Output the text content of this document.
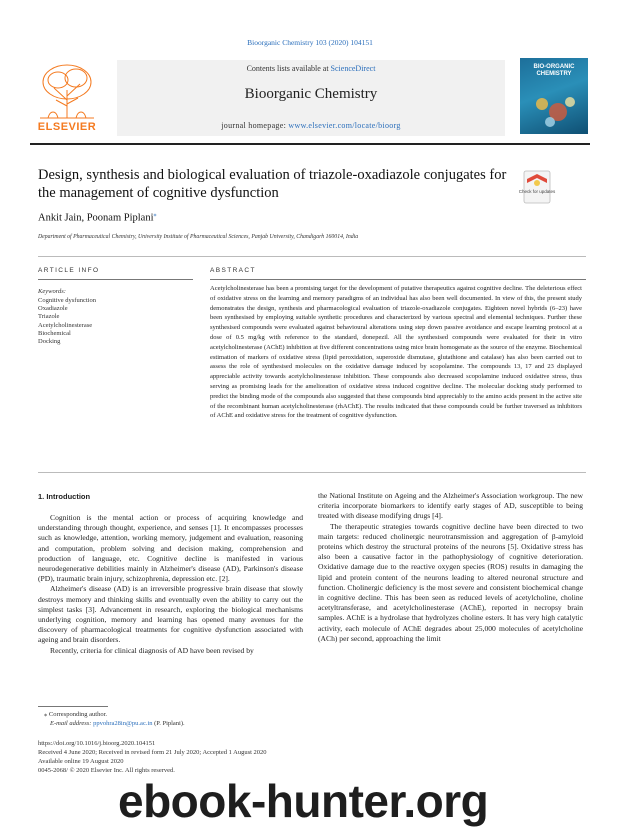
Bioorganic Chemistry 103 (2020) 104151
ELSEVIER
Contents lists available at ScienceDirect
Bioorganic Chemistry
journal homepage: www.elsevier.com/locate/bioorg
BIO-ORGANIC CHEMISTRY
Design, synthesis and biological evaluation of triazole-oxadiazole conjugates for the management of cognitive dysfunction	Check for updates
Ankit Jain, Poonam Piplani⁎
Department of Pharmaceutical Chemistry, University Institute of Pharmaceutical Sciences, Panjab University, Chandigarh 160014, India
ARTICLE INFO
Keywords:
Cognitive dysfunction
Oxadiazole
Triazole
Acetylcholinesterase
Biochemical
Docking
ABSTRACT
Acetylcholinesterase has been a promising target for the development of putative therapeutics against cognitive decline. The deleterious effect of oxidative stress on the learning and memory paradigms of an individual has also been well documented. In view of this, the present study demonstrates the design, synthesis and pharmacological evaluation of triazole-oxadiazole conjugates. Eighteen novel hybrids (6–23) have been synthesised by employing suitable synthetic procedures and characterized by various spectral and elemental techniques. Further these synthesised compounds were evaluated against behavioural alterations using step down passive avoidance and escape learning protocol at a dose of 0.5 mg/kg with reference to the standard, donepezil. All the synthesised compounds were evaluated for their in vitro acetylcholinesterase (AChE) inhibition at five different concentrations using mice brain homogenate as the source of the enzyme. Biochemical estimation of markers of oxidative stress (lipid peroxidation, superoxide dismutase, glutathione and catalase) has also been carried out to assess the role of synthesised molecules on the oxidative damage induced by scopolamine. The compounds 13, 17 and 23 displayed appreciable activity towards acetylcholinesterase inhibition. These compounds also decreased scopolamine induced oxidative stress, thus serving as promising leads for the amelioration of oxidative stress induced cognitive decline. The molecular docking study performed to predict the binding mode of the compounds also suggested that these compounds bind appreciably to the amino acids present in the active site of the recombinant human acetylcholinesterase (rhAChE). The results indicated that these compounds could be further traversed as inhibitors of AChE and oxidative stress for the treatment of cognitive dysfunction.
1. Introduction

Cognition is the mental action or process of acquiring knowledge and understanding through thought, experience, and senses [1]. It encompasses processes such as knowledge, attention, working memory, judgement and evaluation, reasoning and computation, problem solving and decision making, comprehension and production of language, etc. Cognitive decline is manifested in various neurodegenerative debilities mainly in Alzheimer's disease (AD), Parkinson's disease (PD), traumatic brain injury, schizophrenia, depression etc. [2].

Alzheimer's disease (AD) is an irreversible progressive brain disease that slowly destroys memory and thinking skills and eventually even the ability to carry out the simplest tasks [3]. Advancement in research, exploring the biological mechanisms underlying cognition, memory and learning has opened many avenues for the discovery of pharmacological treatments for cognitive dysfunction associated with ageing and brain disorders.

Recently, criteria for clinical diagnosis of AD have been revised by

the National Institute on Ageing and the Alzheimer's Association workgroup. The new criteria incorporate biomarkers to identify early stages of AD, susceptible to being treated with disease modifying drugs [4].

The therapeutic strategies towards cognitive decline have been directed to two main targets: reduced cholinergic neurotransmission and aggregation of β-amyloid proteins which destroy the structural proteins of the neurons [5]. Oxidative stress has also been a causative factor in the pathophysiology of cognitive deterioration. Oxidative damage due to the reactive oxygen species (ROS) results in damaging the lipid and protein content of the neurons leading to altered neuronal structure and function. Cholinergic deficiency is the most severe and consistent biochemical change in cognitive decline. This has been seen as reduced levels of acetylcholine, choline acetyltransferase, and acetylcholinesterase (AChE), reported in necropsy brain samples. AChE is a hydrolase that hydrolyzes choline esters. It has very high catalytic activity, each molecule of AChE degrades about 25,000 molecules of acetylcholine (ACh) per second, approaching the limit

⁎ Corresponding author.
E-mail address: ppvohra28in@pu.ac.in (P. Piplani).
https://doi.org/10.1016/j.bioorg.2020.104151
Received 4 June 2020; Received in revised form 21 July 2020; Accepted 1 August 2020
Available online 19 August 2020
0045-2068/ © 2020 Elsevier Inc. All rights reserved.
ebook-hunter.org
